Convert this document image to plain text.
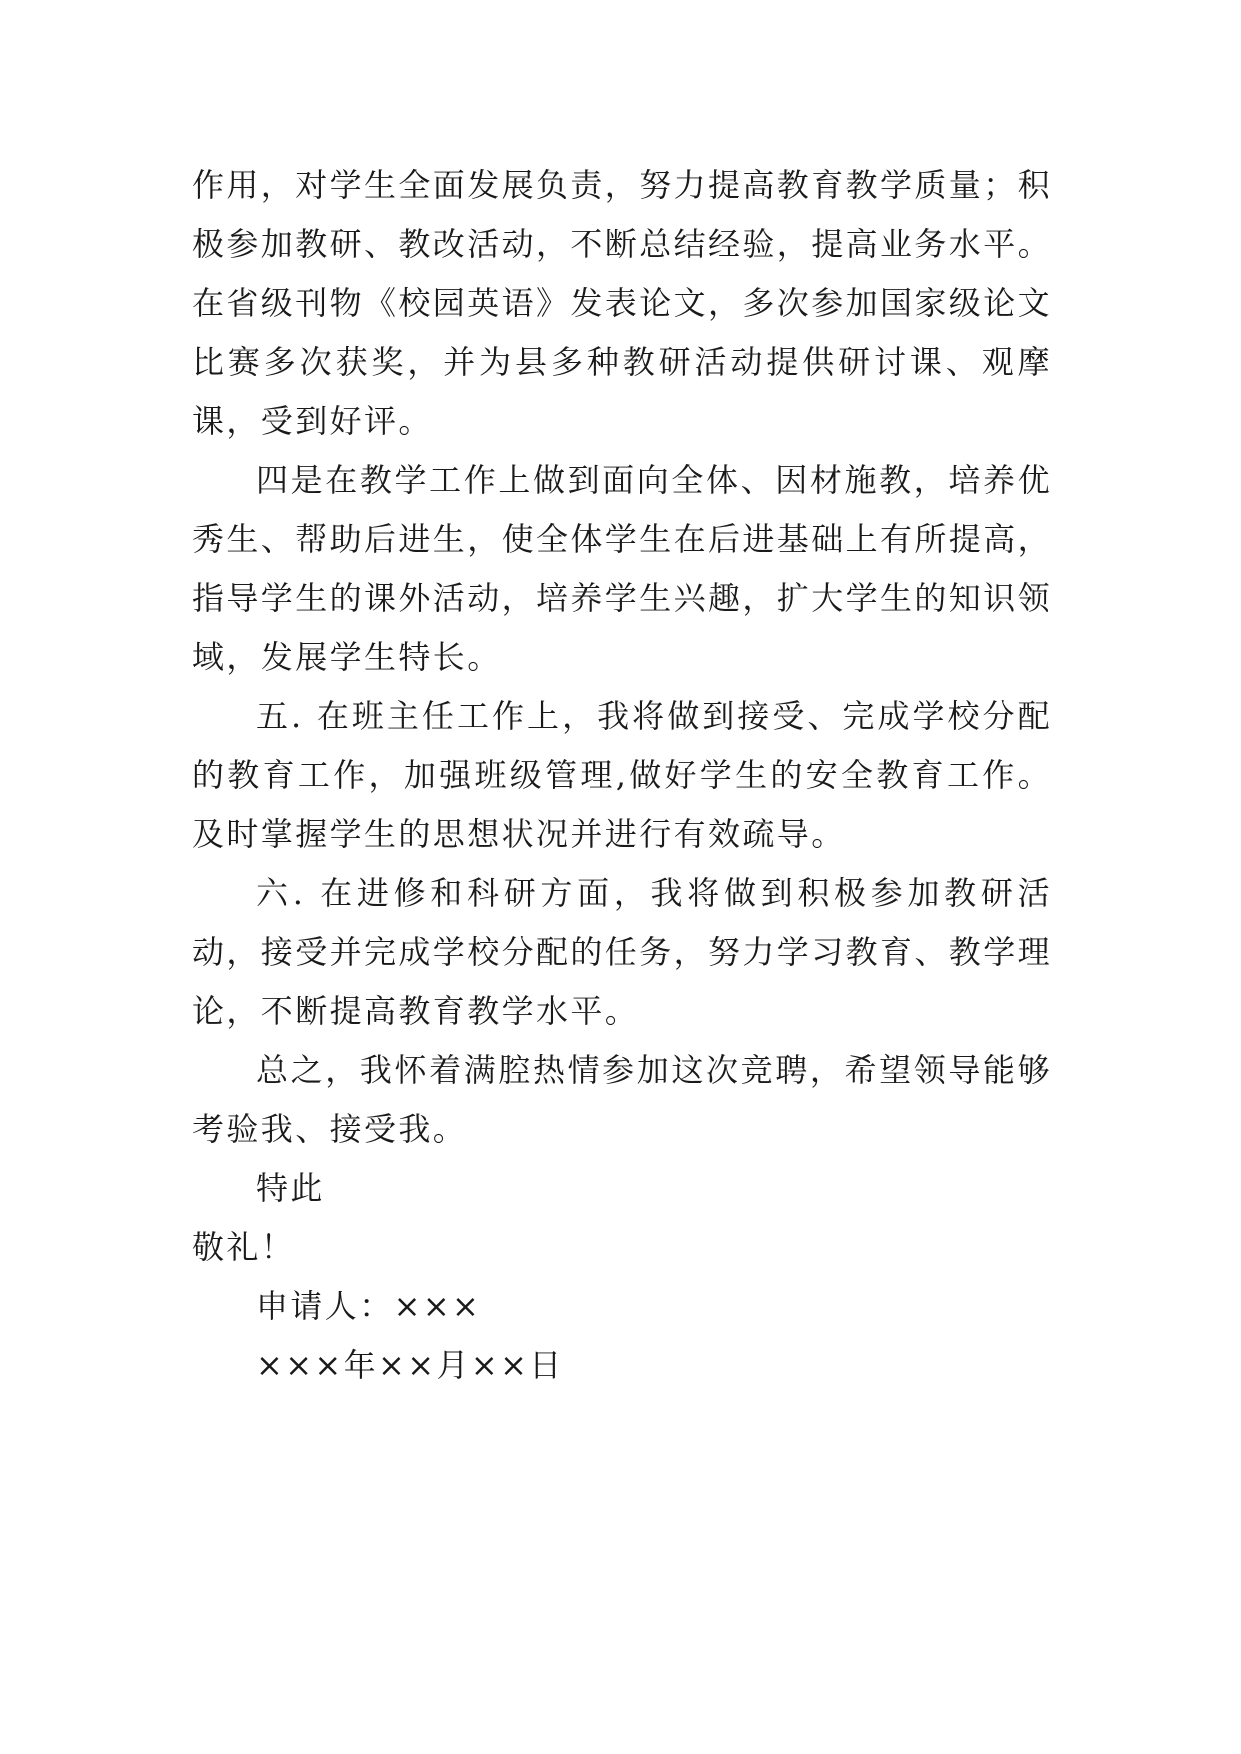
作用，对学生全面发展负责，努力提高教育教学质量；积极参加教研、教改活动，不断总结经验，提高业务水平。在省级刊物《校园英语》发表论文，多次参加国家级论文比赛多次获奖，并为县多种教研活动提供研讨课、观摩课，受到好评。

四是在教学工作上做到面向全体、因材施教，培养优秀生、帮助后进生，使全体学生在后进基础上有所提高，指导学生的课外活动，培养学生兴趣，扩大学生的知识领域，发展学生特长。

五. 在班主任工作上，我将做到接受、完成学校分配的教育工作，加强班级管理,做好学生的安全教育工作。及时掌握学生的思想状况并进行有效疏导。

六. 在进修和科研方面，我将做到积极参加教研活动，接受并完成学校分配的任务，努力学习教育、教学理论，不断提高教育教学水平。

总之，我怀着满腔热情参加这次竞聘，希望领导能够考验我、接受我。

特此

敬礼！

申请人：×××

×××年××月××日
